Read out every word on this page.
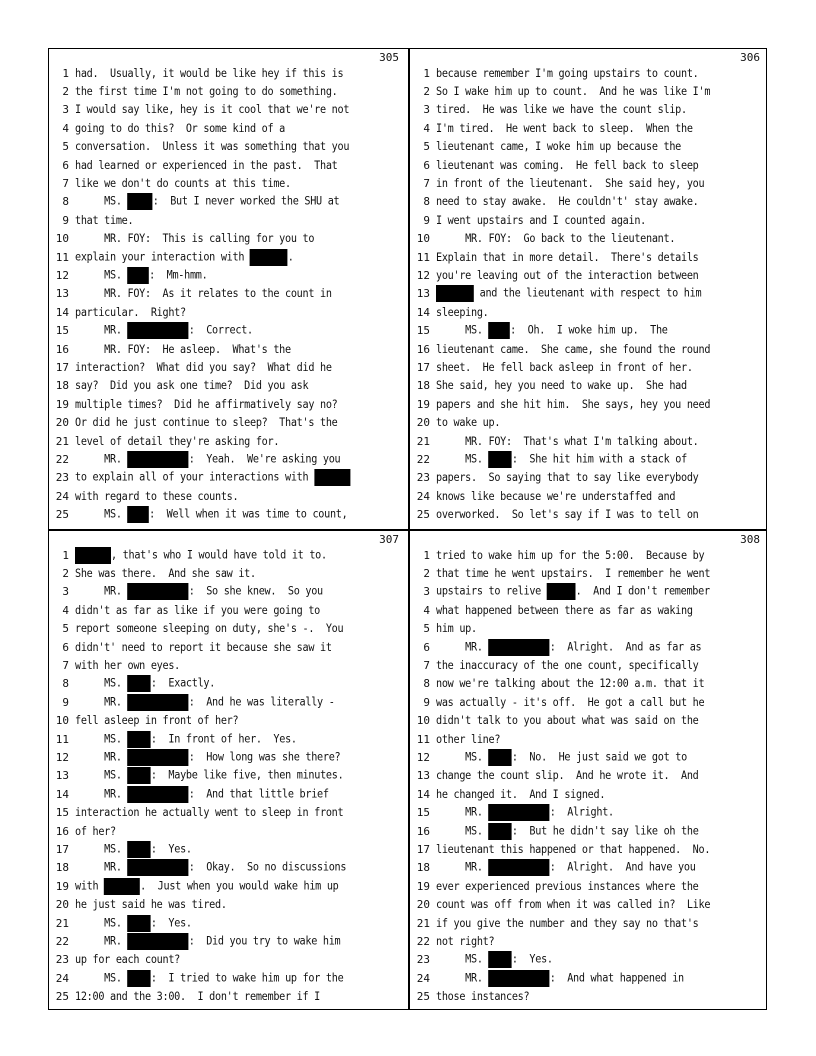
305
1 had.  Usually, it would be like hey if this is
2 the first time I'm not going to do something.
3 I would say like, hey is it cool that we're not
4 going to do this?  Or some kind of a
5 conversation.  Unless it was something that you
6 had learned or experienced in the past.  That
7 like we don't do counts at this time.
8 MS. :  But I never worked the SHU at
9 that time.
10 MR. FOY:  This is calling for you to
11 explain your interaction with	.
12 MS. :  Mm-hmm.
13 MR. FOY:  As it relates to the count in
14 particular.  Right?
15 MR.	:  Correct.
16 MR. FOY:  He asleep.  What's the
17 interaction?  What did you say?  What did he
18 say?  Did you ask one time?  Did you ask
19 multiple times?  Did he affirmatively say no?
20 Or did he just continue to sleep?  That's the
21 level of detail they're asking for.
22 MR.	:  Yeah.  We're asking you
23 to explain all of your interactions with
24 with regard to these counts.
25 MS. :  Well when it was time to count,
306
1 because remember I'm going upstairs to count.
2 So I wake him up to count.  And he was like I'm
3 tired.  He was like we have the count slip.
4 I'm tired.  He went back to sleep.  When the
5 lieutenant came, I woke him up because the
6 lieutenant was coming.  He fell back to sleep
7 in front of the lieutenant.  She said hey, you
8 need to stay awake.  He couldn't' stay awake.
9 I went upstairs and I counted again.
10 MR. FOY:  Go back to the lieutenant.
11 Explain that in more detail.  There's details
12 you're leaving out of the interaction between
13	and the lieutenant with respect to him
14 sleeping.
15 MS. :  Oh.  I woke him up.  The
16 lieutenant came.  She came, she found the round
17 sheet.  He fell back asleep in front of her.
18 She said, hey you need to wake up.  She had
19 papers and she hit him.  She says, hey you need
20 to wake up.
21 MR. FOY:  That's what I'm talking about.
22 MS. :  She hit him with a stack of
23 papers.  So saying that to say like everybody
24 knows like because we're understaffed and
25 overworked.  So let's say if I was to tell on
307
1	, that's who I would have told it to.
2 She was there.  And she saw it.
3 MR.	:  So she knew.  So you
4 didn't as far as like if you were going to
5 report someone sleeping on duty, she's -.  You
6 didn't' need to report it because she saw it
7 with her own eyes.
8 MS. :  Exactly.
9 MR.	:  And he was literally -
10 fell asleep in front of her?
11 MS. :  In front of her.  Yes.
12 MR.	:  How long was she there?
13 MS. :  Maybe like five, then minutes.
14 MR.	:  And that little brief
15 interaction he actually went to sleep in front
16 of her?
17 MS. :  Yes.
18 MR.	:  Okay.  So no discussions
19 with	.  Just when you would wake him up
20 he just said he was tired.
21 MS. :  Yes.
22 MR.	:  Did you try to wake him
23 up for each count?
24 MS. :  I tried to wake him up for the
25 12:00 and the 3:00.  I don't remember if I
308
1 tried to wake him up for the 5:00.  Because by
2 that time he went upstairs.  I remember he went
3 upstairs to relive	.  And I don't remember
4 what happened between there as far as waking
5 him up.
6 MR.	:  Alright.  And as far as
7 the inaccuracy of the one count, specifically
8 now we're talking about the 12:00 a.m. that it
9 was actually - it's off.  He got a call but he
10 didn't talk to you about what was said on the
11 other line?
12 MS. :  No.  He just said we got to
13 change the count slip.  And he wrote it.  And
14 he changed it.  And I signed.
15 MR.	:  Alright.
16 MS. :  But he didn't say like oh the
17 lieutenant this happened or that happened.  No.
18 MR.	:  Alright.  And have you
19 ever experienced previous instances where the
20 count was off from when it was called in?  Like
21 if you give the number and they say no that's
22 not right?
23 MS. :  Yes.
24 MR.	:  And what happened in
25 those instances?
